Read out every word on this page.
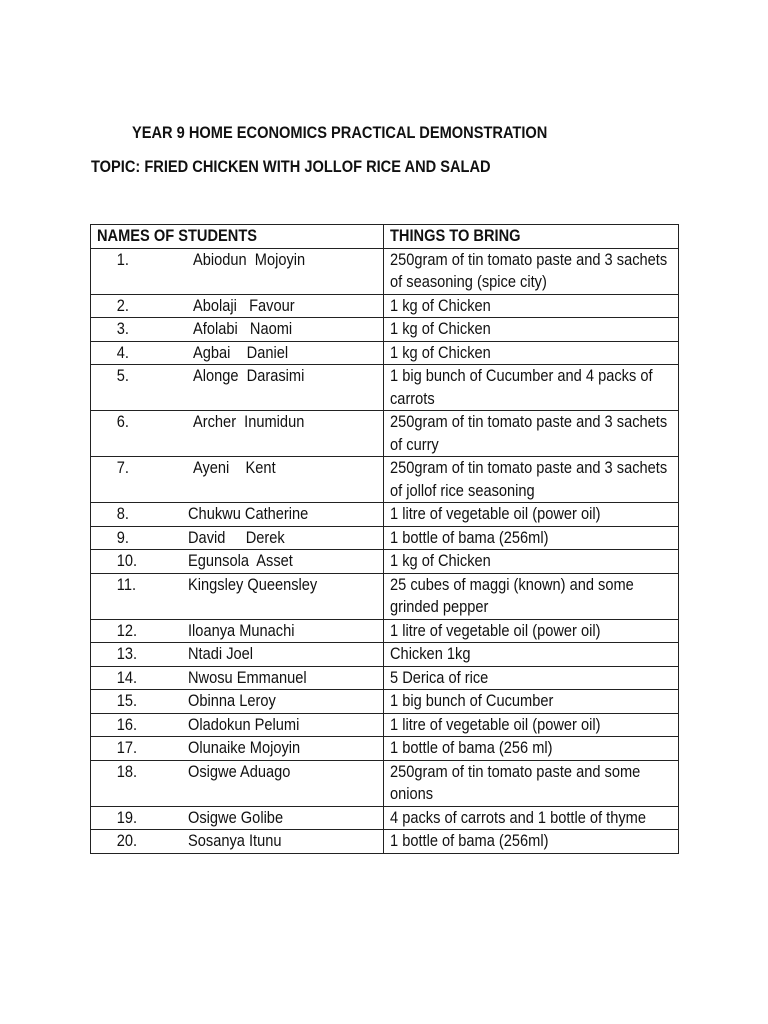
YEAR 9 HOME ECONOMICS PRACTICAL DEMONSTRATION
TOPIC: FRIED CHICKEN WITH JOLLOF RICE AND SALAD
NAMES OF STUDENTS	THINGS TO BRING
1. Abiodun  Mojoyin	250gram of tin tomato paste and 3 sachets of seasoning (spice city)

2. Abolaji   Favour	1 kg of Chicken

3. Afolabi   Naomi	1 kg of Chicken

4. Agbai    Daniel	1 kg of Chicken

5. Alonge  Darasimi	1 big bunch of Cucumber and 4 packs of carrots

6. Archer  Inumidun	250gram of tin tomato paste and 3 sachets of curry

7. Ayeni    Kent	250gram of tin tomato paste and 3 sachets of jollof rice seasoning

8. Chukwu Catherine	1 litre of vegetable oil (power oil)

9. David     Derek	1 bottle of bama (256ml)

10. Egunsola  Asset	1 kg of Chicken

11. Kingsley Queensley	25 cubes of maggi (known) and some grinded pepper

12. Iloanya Munachi	1 litre of vegetable oil (power oil)

13. Ntadi Joel	Chicken 1kg

14. Nwosu Emmanuel	5 Derica of rice

15. Obinna Leroy	1 big bunch of Cucumber

16. Oladokun Pelumi	1 litre of vegetable oil (power oil)

17. Olunaike Mojoyin	1 bottle of bama (256 ml)

18. Osigwe Aduago	250gram of tin tomato paste and some onions

19. Osigwe Golibe	4 packs of carrots and 1 bottle of thyme

20. Sosanya Itunu	1 bottle of bama (256ml)
